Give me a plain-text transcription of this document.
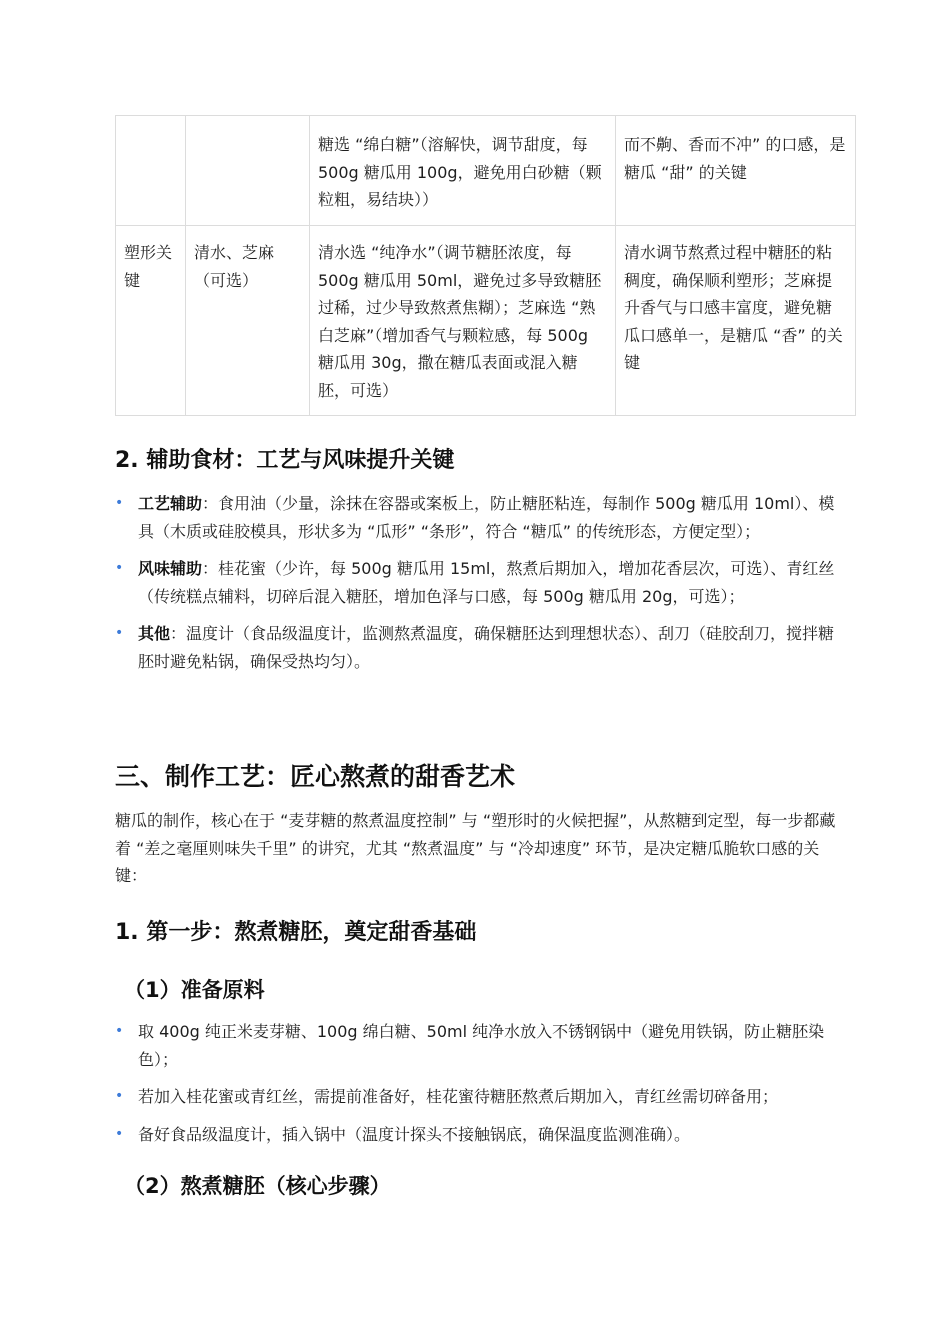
		糖选 “绵白糖”（溶解快，调节甜度，每 500g 糖瓜用 100g，避免用白砂糖（颗粒粗，易结块））	而不齁、香而不冲” 的口感，是糖瓜 “甜” 的关键
塑形关键	清水、芝麻（可选）	清水选 “纯净水”（调节糖胚浓度，每 500g 糖瓜用 50ml，避免过多导致糖胚过稀，过少导致熬煮焦糊）；芝麻选 “熟白芝麻”（增加香气与颗粒感，每 500g 糖瓜用 30g，撒在糖瓜表面或混入糖胚，可选）	清水调节熬煮过程中糖胚的粘稠度，确保顺利塑形；芝麻提升香气与口感丰富度，避免糖瓜口感单一，是糖瓜 “香” 的关键
2. 辅助食材：工艺与风味提升关键
• 工艺辅助：食用油（少量，涂抹在容器或案板上，防止糖胚粘连，每制作 500g 糖瓜用 10ml）、模具（木质或硅胶模具，形状多为 “瓜形” “条形”，符合 “糖瓜” 的传统形态，方便定型）；
• 风味辅助：桂花蜜（少许，每 500g 糖瓜用 15ml，熬煮后期加入，增加花香层次，可选）、青红丝（传统糕点辅料，切碎后混入糖胚，增加色泽与口感，每 500g 糖瓜用 20g，可选）；
• 其他：温度计（食品级温度计，监测熬煮温度，确保糖胚达到理想状态）、刮刀（硅胶刮刀，搅拌糖胚时避免粘锅，确保受热均匀）。
三、制作工艺：匠心熬煮的甜香艺术
糖瓜的制作，核心在于 “麦芽糖的熬煮温度控制” 与 “塑形时的火候把握”，从熬糖到定型，每一步都藏着 “差之毫厘则味失千里” 的讲究，尤其 “熬煮温度” 与 “冷却速度” 环节，是决定糖瓜脆软口感的关键：
1. 第一步：熬煮糖胚，奠定甜香基础
（1）准备原料
• 取 400g 纯正米麦芽糖、100g 绵白糖、50ml 纯净水放入不锈钢锅中（避免用铁锅，防止糖胚染色）；
• 若加入桂花蜜或青红丝，需提前准备好，桂花蜜待糖胚熬煮后期加入，青红丝需切碎备用；
• 备好食品级温度计，插入锅中（温度计探头不接触锅底，确保温度监测准确）。
（2）熬煮糖胚（核心步骤）
